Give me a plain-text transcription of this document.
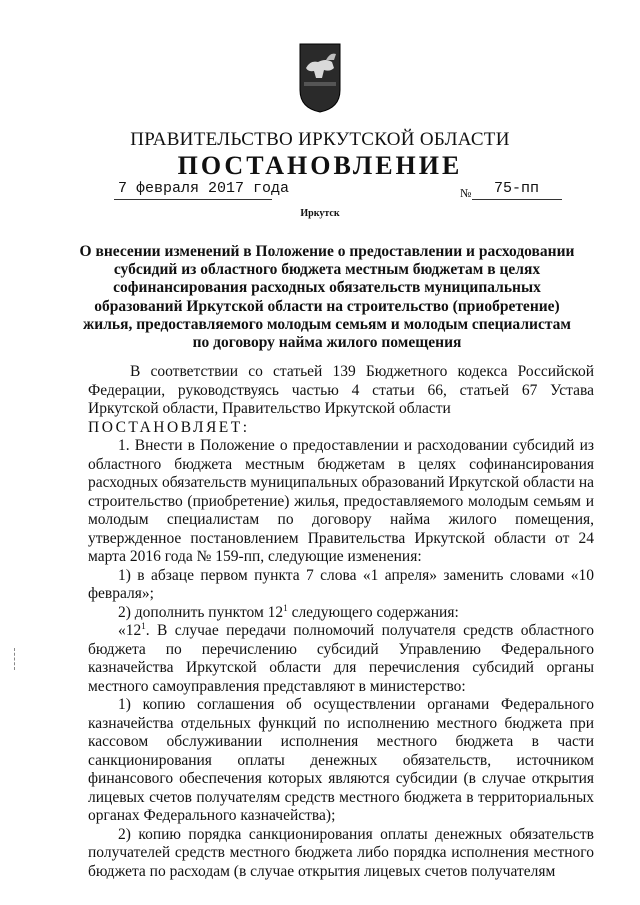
ПРАВИТЕЛЬСТВО ИРКУТСКОЙ ОБЛАСТИ
ПОСТАНОВЛЕНИЕ
7 февраля 2017 года	№ 75-пп
Иркутск
О внесении изменений в Положение о предоставлении и расходовании субсидий из областного бюджета местным бюджетам в целях софинансирования расходных обязательств муниципальных образований Иркутской области на строительство (приобретение) жилья, предоставляемого молодым семьям и молодым специалистам по договору найма жилого помещения

В соответствии со статьей 139 Бюджетного кодекса Российской Федерации, руководствуясь частью 4 статьи 66, статьей 67 Устава Иркутской области, Правительство Иркутской области

ПОСТАНОВЛЯЕТ:

1. Внести в Положение о предоставлении и расходовании субсидий из областного бюджета местным бюджетам в целях софинансирования расходных обязательств муниципальных образований Иркутской области на строительство (приобретение) жилья, предоставляемого молодым семьям и молодым специалистам по договору найма жилого помещения, утвержденное постановлением Правительства Иркутской области от 24 марта 2016 года № 159-пп, следующие изменения:

1) в абзаце первом пункта 7 слова «1 апреля» заменить словами «10 февраля»;

2) дополнить пунктом $12^1$ следующего содержания:

«$12^1$. В случае передачи полномочий получателя средств областного бюджета по перечислению субсидий Управлению Федерального казначейства Иркутской области для перечисления субсидий органы местного самоуправления представляют в министерство:

1) копию соглашения об осуществлении органами Федерального казначейства отдельных функций по исполнению местного бюджета при кассовом обслуживании исполнения местного бюджета в части санкционирования оплаты денежных обязательств, источником финансового обеспечения которых являются субсидии (в случае открытия лицевых счетов получателям средств местного бюджета в территориальных органах Федерального казначейства);

2) копию порядка санкционирования оплаты денежных обязательств получателей средств местного бюджета либо порядка исполнения местного бюджета по расходам (в случае открытия лицевых счетов получателям
